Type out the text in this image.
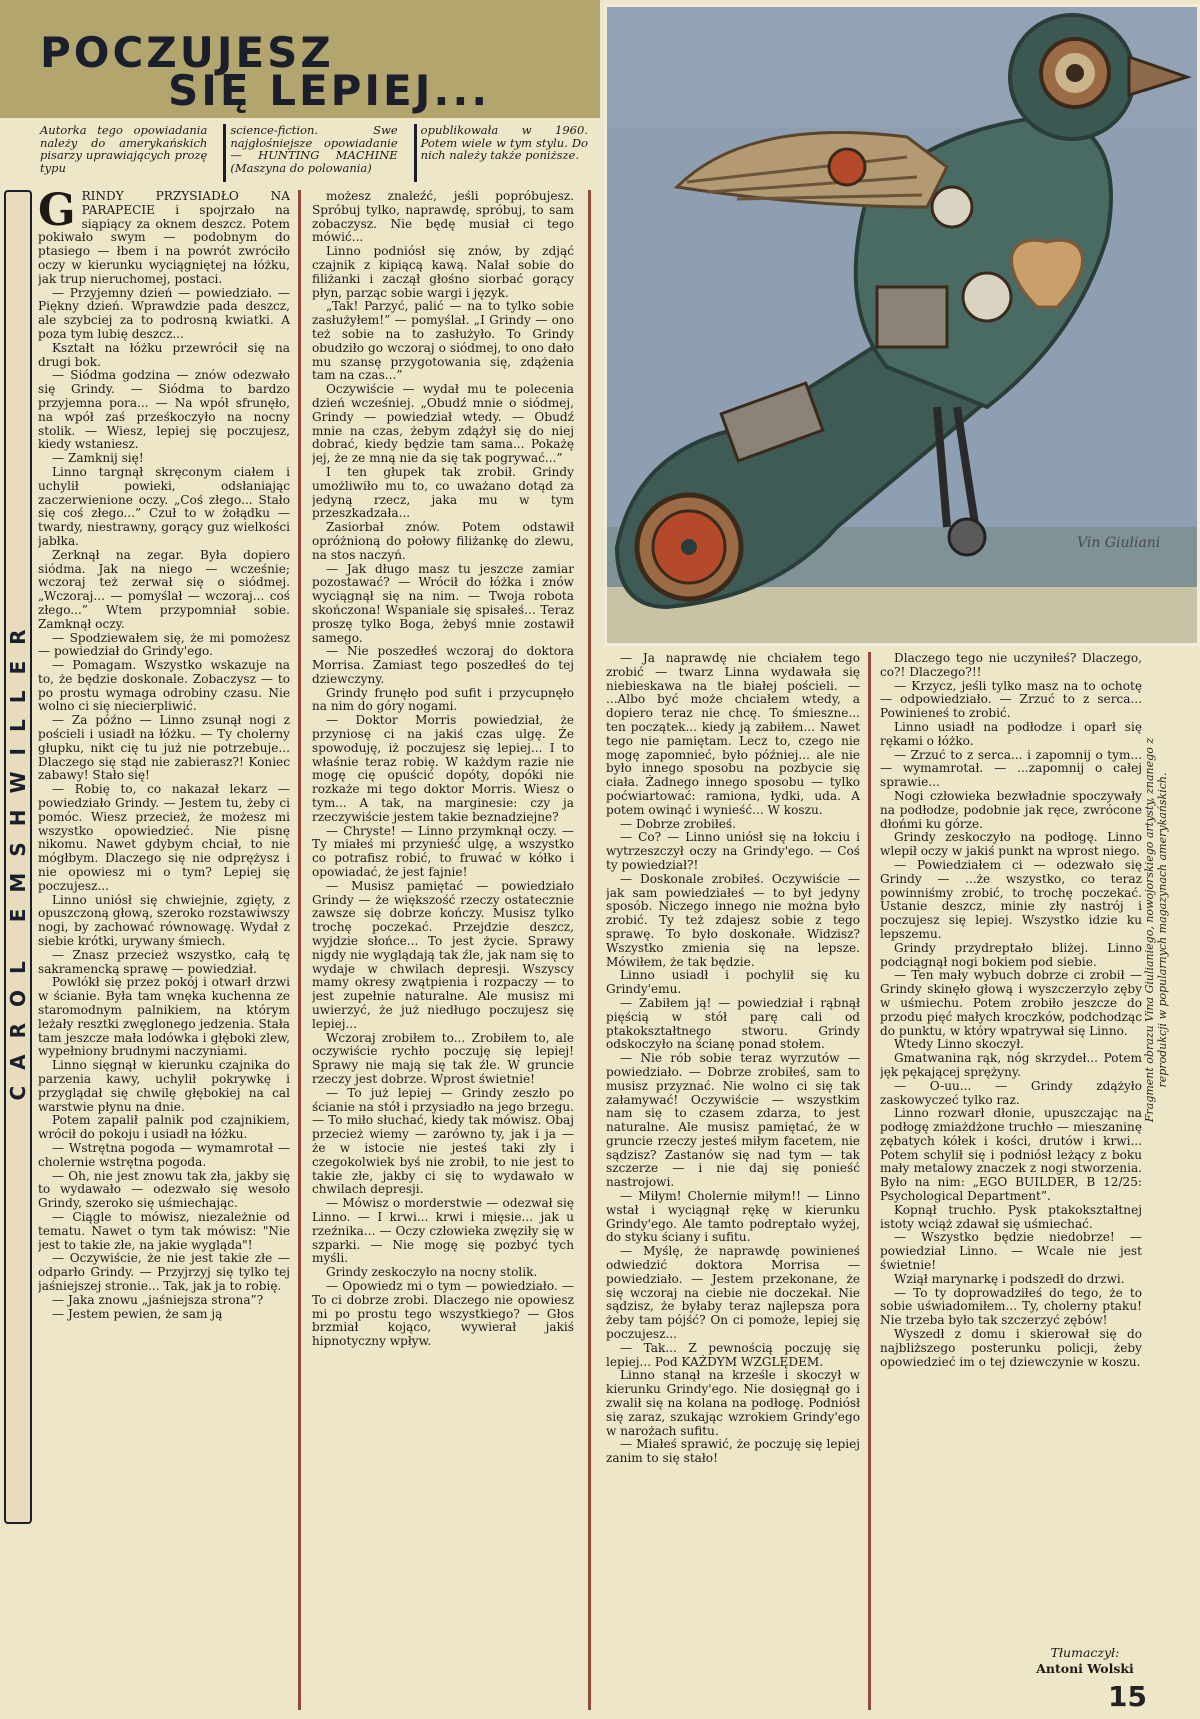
POCZUJESZ
SIĘ LEPIEJ...
Autorka tego opowiadania należy do amerykańskich pisarzy uprawiających prozę typu
science-fiction. Swe najgłośniejsze opowiadanie — HUNTING MACHINE (Maszyna do polowania)
opublikowała w 1960. Potem wiele w tym stylu. Do nich należy także poniższe.
CAROL EMSHWILLER
Vin Giuliani

GRINDY PRZYSIADŁO NA PARAPECIE i spojrzało na siąpiący za oknem deszcz. Potem pokiwało swym — podobnym do ptasiego — łbem i na powrót zwróciło oczy w kierunku wyciągniętej na łóżku, jak trup nieruchomej, postaci.

— Przyjemny dzień — powiedziało. — Piękny dzień. Wprawdzie pada deszcz, ale szybciej za to podrosną kwiatki. A poza tym lubię deszcz...

Kształt na łóżku przewrócił się na drugi bok.

— Siódma godzina — znów odezwało się Grindy. — Siódma to bardzo przyjemna pora... — Na wpół sfrunęło, na wpół zaś prześkoczyło na nocny stolik. — Wiesz, lepiej się poczujesz, kiedy wstaniesz.

— Zamknij się!

Linno targnął skręconym ciałem i uchylił powieki, odsłaniając zaczerwienione oczy. „Coś złego... Stało się coś złego...” Czuł to w żołądku — twardy, niestrawny, gorący guz wielkości jabłka.

Zerknął na zegar. Była dopiero siódma. Jak na niego — wcześnie; wczoraj też zerwał się o siódmej. „Wczoraj... — pomyślał — wczoraj... coś złego...” Wtem przypomniał sobie. Zamknął oczy.

— Spodziewałem się, że mi pomożesz — powiedział do Grindy'ego.

— Pomagam. Wszystko wskazuje na to, że będzie doskonale. Zobaczysz — to po prostu wymaga odrobiny czasu. Nie wolno ci się niecierpliwić.

— Za późno — Linno zsunął nogi z pościeli i usiadł na łóżku. — Ty cholerny głupku, nikt cię tu już nie potrzebuje... Dlaczego się stąd nie zabierasz?! Koniec zabawy! Stało się!

— Robię to, co nakazał lekarz — powiedziało Grindy. — Jestem tu, żeby ci pomóc. Wiesz przecież, że możesz mi wszystko opowiedzieć. Nie pisnę nikomu. Nawet gdybym chciał, to nie mógłbym. Dlaczego się nie odprężysz i nie opowiesz mi o tym? Lepiej się poczujesz...

Linno uniósł się chwiejnie, zgięty, z opuszczoną głową, szeroko rozstawiwszy nogi, by zachować równowagę. Wydał z siebie krótki, urywany śmiech.

— Znasz przecież wszystko, całą tę sakramencką sprawę — powiedział.

Powlókł się przez pokój i otwarł drzwi w ścianie. Była tam wnęka kuchenna ze staromodnym palnikiem, na którym leżały resztki zwęglonego jedzenia. Stała tam jeszcze mała lodówka i głęboki zlew, wypełniony brudnymi naczyniami.

Linno sięgnął w kierunku czajnika do parzenia kawy, uchylił pokrywkę i przyglądał się chwilę głębokiej na cal warstwie płynu na dnie.

Potem zapalił palnik pod czajnikiem, wrócił do pokoju i usiadł na łóżku.

— Wstrętna pogoda — wymamrotał — cholernie wstrętna pogoda.

— Oh, nie jest znowu tak zła, jakby się to wydawało — odezwało się wesoło Grindy, szeroko się uśmiechając.

— Ciągle to mówisz, niezależnie od tematu. Nawet o tym tak mówisz: "Nie jest to takie złe, na jakie wygląda"!

— Oczywiście, że nie jest takie złe — odparło Grindy. — Przyjrzyj się tylko tej jaśniejszej stronie... Tak, jak ja to robię.

— Jaka znowu „jaśniejsza strona”?

— Jestem pewien, że sam ją

możesz znaleźć, jeśli popróbujesz. Spróbuj tylko, naprawdę, spróbuj, to sam zobaczysz. Nie będę musiał ci tego mówić...

Linno podniósł się znów, by zdjąć czajnik z kipiącą kawą. Nalał sobie do filiżanki i zaczął głośno siorbać gorący płyn, parząc sobie wargi i język.

„Tak! Parzyć, palić — na to tylko sobie zasłużyłem!” — pomyślał. „I Grindy — ono też sobie na to zasłużyło. To Grindy obudziło go wczoraj o siódmej, to ono dało mu szansę przygotowania się, zdążenia tam na czas...”

Oczywiście — wydał mu te polecenia dzień wcześniej. „Obudź mnie o siódmej, Grindy — powiedział wtedy. — Obudź mnie na czas, żebym zdążył się do niej dobrać, kiedy będzie tam sama... Pokażę jej, że ze mną nie da się tak pogrywać...”

I ten głupek tak zrobił. Grindy umożliwiło mu to, co uważano dotąd za jedyną rzecz, jaka mu w tym przeszkadzała...

Zasiorbał znów. Potem odstawił opróżnioną do połowy filiżankę do zlewu, na stos naczyń.

— Jak długo masz tu jeszcze zamiar pozostawać? — Wrócił do łóżka i znów wyciągnął się na nim. — Twoja robota skończona! Wspaniale się spisałeś... Teraz proszę tylko Boga, żebyś mnie zostawił samego.

— Nie poszedłeś wczoraj do doktora Morrisa. Zamiast tego poszedłeś do tej dziewczyny.

Grindy frunęło pod sufit i przycupnęło na nim do góry nogami.

— Doktor Morris powiedział, że przyniosę ci na jakiś czas ulgę. Że spowoduję, iż poczujesz się lepiej... I to właśnie teraz robię. W każdym razie nie mogę cię opuścić dopóty, dopóki nie rozkaże mi tego doktor Morris. Wiesz o tym... A tak, na marginesie: czy ja rzeczywiście jestem takie beznadziejne?

— Chryste! — Linno przymknął oczy. — Ty miałeś mi przynieść ulgę, a wszystko co potrafisz robić, to fruwać w kółko i opowiadać, że jest fajnie!

— Musisz pamiętać — powiedziało Grindy — że większość rzeczy ostatecznie zawsze się dobrze kończy. Musisz tylko trochę poczekać. Przejdzie deszcz, wyjdzie słońce... To jest życie. Sprawy nigdy nie wyglądają tak źle, jak nam się to wydaje w chwilach depresji. Wszyscy mamy okresy zwątpienia i rozpaczy — to jest zupełnie naturalne. Ale musisz mi uwierzyć, że już niedługo poczujesz się lepiej...

Wczoraj zrobiłem to... Zrobiłem to, ale oczywiście rychło poczuję się lepiej! Sprawy nie mają się tak źle. W gruncie rzeczy jest dobrze. Wprost świetnie!

— To już lepiej — Grindy zeszło po ścianie na stół i przysiadło na jego brzegu. — To miło słuchać, kiedy tak mówisz. Obaj przecież wiemy — zarówno ty, jak i ja — że w istocie nie jesteś taki zły i czegokolwiek byś nie zrobił, to nie jest to takie złe, jakby ci się to wydawało w chwilach depresji.

— Mówisz o morderstwie — odezwał się Linno. — I krwi... krwi i mięsie... jak u rzeźnika... — Oczy człowieka zwęziły się w szparki. — Nie mogę się pozbyć tych myśli.

Grindy zeskoczyło na nocny stolik.

— Opowiedz mi o tym — powiedziało. — To ci dobrze zrobi. Dlaczego nie opowiesz mi po prostu tego wszystkiego? — Głos brzmiał kojąco, wywierał jakiś hipnotyczny wpływ.

— Ja naprawdę nie chciałem tego zrobić — twarz Linna wydawała się niebieskawa na tle białej pościeli. — ...Albo być może chciałem wtedy, a dopiero teraz nie chcę. To śmieszne... ten początek... kiedy ją zabiłem... Nawet tego nie pamiętam. Lecz to, czego nie mogę zapomnieć, było później... ale nie było innego sposobu na pozbycie się ciała. Żadnego innego sposobu — tylko poćwiartować: ramiona, łydki, uda. A potem owinąć i wynieść... W koszu.

— Dobrze zrobiłeś.

— Co? — Linno uniósł się na łokciu i wytrzeszczył oczy na Grindy'ego. — Coś ty powiedział?!

— Doskonale zrobiłeś. Oczywiście — jak sam powiedziałeś — to był jedyny sposób. Niczego innego nie można było zrobić. Ty też zdajesz sobie z tego sprawę. To było doskonałe. Widzisz? Wszystko zmienia się na lepsze. Mówiłem, że tak będzie.

Linno usiadł i pochylił się ku Grindy'emu.

— Zabiłem ją! — powiedział i rąbnął pięścią w stół parę cali od ptakokształtnego stworu. Grindy odskoczyło na ścianę ponad stołem.

— Nie rób sobie teraz wyrzutów — powiedziało. — Dobrze zrobiłeś, sam to musisz przyznać. Nie wolno ci się tak załamywać! Oczywiście — wszystkim nam się to czasem zdarza, to jest naturalne. Ale musisz pamiętać, że w gruncie rzeczy jesteś miłym facetem, nie sądzisz? Zastanów się nad tym — tak szczerze — i nie daj się ponieść nastrojowi.

— Miłym! Cholernie miłym!! — Linno wstał i wyciągnął rękę w kierunku Grindy'ego. Ale tamto podreptało wyżej, do styku ściany i sufitu.

— Myślę, że naprawdę powinieneś odwiedzić doktora Morrisa — powiedziało. — Jestem przekonane, że się wczoraj na ciebie nie doczekał. Nie sądzisz, że byłaby teraz najlepsza pora żeby tam pójść? On ci pomoże, lepiej się poczujesz...

— Tak... Z pewnością poczuję się lepiej... Pod KAŻDYM WZGLĘDEM.

Linno stanął na krześle i skoczył w kierunku Grindy'ego. Nie dosięgnął go i zwalił się na kolana na podłogę. Podniósł się zaraz, szukając wzrokiem Grindy'ego w narożach sufitu.

— Miałeś sprawić, że poczuję się lepiej zanim to się stało!

Dlaczego tego nie uczyniłeś? Dlaczego, co?! Dlaczego?!!

— Krzycz, jeśli tylko masz na to ochotę — odpowiedziało. — Zrzuć to z serca... Powinieneś to zrobić.

Linno usiadł na podłodze i oparł się rękami o łóżko.

— Zrzuć to z serca... i zapomnij o tym... — wymamrotał. — ...zapomnij o całej sprawie...

Nogi człowieka bezwładnie spoczywały na podłodze, podobnie jak ręce, zwrócone dłońmi ku górze.

Grindy zeskoczyło na podłogę. Linno wlepił oczy w jakiś punkt na wprost niego.

— Powiedziałem ci — odezwało się Grindy — ...że wszystko, co teraz powinniśmy zrobić, to trochę poczekać. Ustanie deszcz, minie zły nastrój i poczujesz się lepiej. Wszystko idzie ku lepszemu.

Grindy przydreptało bliżej. Linno podciągnął nogi bokiem pod siebie.

— Ten mały wybuch dobrze ci zrobił — Grindy skinęło głową i wyszczerzyło zęby w uśmiechu. Potem zrobiło jeszcze do przodu pięć małych kroczków, podchodząc do punktu, w który wpatrywał się Linno.

Wtedy Linno skoczył.

Gmatwanina rąk, nóg skrzydeł... Potem jęk pękającej sprężyny.

— O-uu... — Grindy zdążyło zaskowyczeć tylko raz.

Linno rozwarł dłonie, upuszczając na podłogę zmiażdżone truchło — mieszaninę zębatych kółek i kości, drutów i krwi... Potem schylił się i podniósł leżący z boku mały metalowy znaczek z nogi stworzenia. Było na nim: „EGO BUILDER, B 12/25: Psychological Department”.

Kopnął truchło. Pysk ptakokształtnej istoty wciąż zdawał się uśmiechać.

— Wszystko będzie niedobrze! — powiedział Linno. — Wcale nie jest świetnie!

Wziął marynarkę i podszedł do drzwi.

— To ty doprowadziłeś do tego, że to sobie uświadomiłem... Ty, cholerny ptaku! Nie trzeba było tak szczerzyć zębów!

Wyszedł z domu i skierował się do najbliższego posterunku policji, żeby opowiedzieć im o tej dziewczynie w koszu.

Fragment obrazu Vina Giulianiego, nowojorskiego artysty, znanego z reprodukcji w popularnych magazynach amerykańskich.
Tłumaczył:
Antoni Wolski
15
